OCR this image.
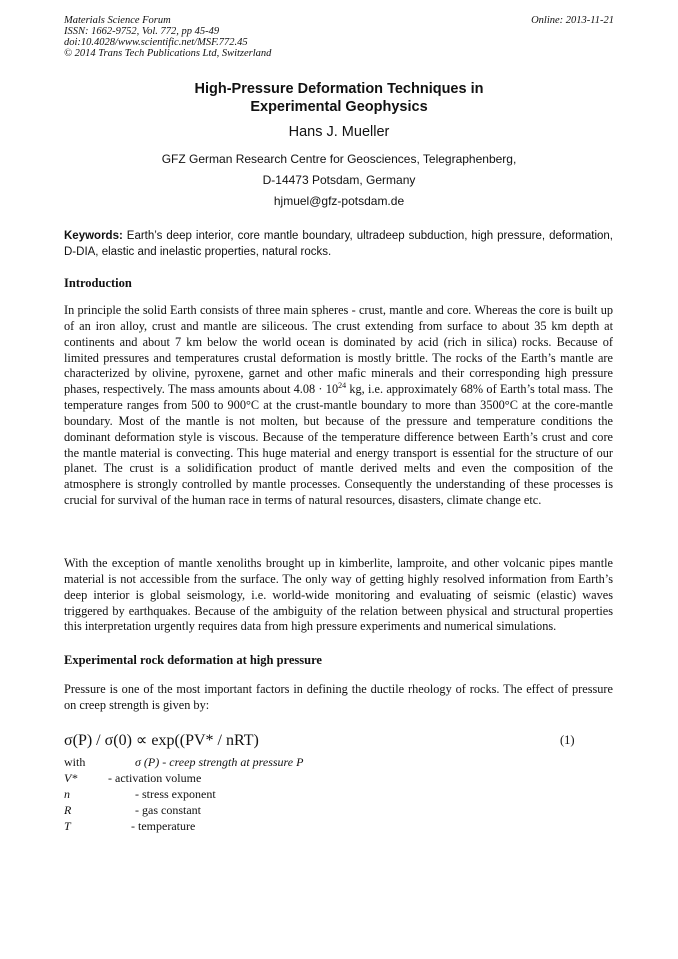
Materials Science Forum
ISSN: 1662-9752, Vol. 772, pp 45-49
doi:10.4028/www.scientific.net/MSF.772.45
© 2014 Trans Tech Publications Ltd, Switzerland
Online: 2013-11-21
High-Pressure Deformation Techniques in
Experimental Geophysics
Hans J. Mueller
GFZ German Research Centre for Geosciences, Telegraphenberg,
D-14473 Potsdam, Germany
hjmuel@gfz-potsdam.de
Keywords: Earth’s deep interior, core mantle boundary, ultradeep subduction, high pressure, deformation, D-DIA, elastic and inelastic properties, natural rocks.
Introduction

In principle the solid Earth consists of three main spheres - crust, mantle and core. Whereas the core is built up of an iron alloy, crust and mantle are siliceous. The crust extending from surface to about 35 km depth at continents and about 7 km below the world ocean is dominated by acid (rich in silica) rocks. Because of limited pressures and temperatures crustal deformation is mostly brittle. The rocks of the Earth’s mantle are characterized by olivine, pyroxene, garnet and other mafic minerals and their corresponding high pressure phases, respectively. The mass amounts about $4.08 \cdot 10^{24}$ kg, i.e. approximately 68% of Earth’s total mass. The temperature ranges from 500 to 900°C at the crust-mantle boundary to more than 3500°C at the core-mantle boundary. Most of the mantle is not molten, but because of the pressure and temperature conditions the dominant deformation style is viscous. Because of the temperature difference between Earth’s crust and core the mantle material is convecting. This huge material and energy transport is essential for the structure of our planet. The crust is a solidification product of mantle derived melts and even the composition of the atmosphere is strongly controlled by mantle processes. Consequently the understanding of these processes is crucial for survival of the human race in terms of natural resources, disasters, climate change etc.

With the exception of mantle xenoliths brought up in kimberlite, lamproite, and other volcanic pipes mantle material is not accessible from the surface. The only way of getting highly resolved information from Earth’s deep interior is global seismology, i.e. world-wide monitoring and evaluating of seismic (elastic) waves triggered by earthquakes. Because of the ambiguity of the relation between physical and structural properties this interpretation urgently requires data from high pressure experiments and numerical simulations.

Experimental rock deformation at high pressure

Pressure is one of the most important factors in defining the ductile rheology of rocks. The effect of pressure on creep strength is given by:

σ(P) / σ(0) ∝ exp((PV* / nRT)	(1)
with	σ (P) - creep strength at pressure P
V*	- activation volume
n	- stress exponent
R	- gas constant
T	- temperature
